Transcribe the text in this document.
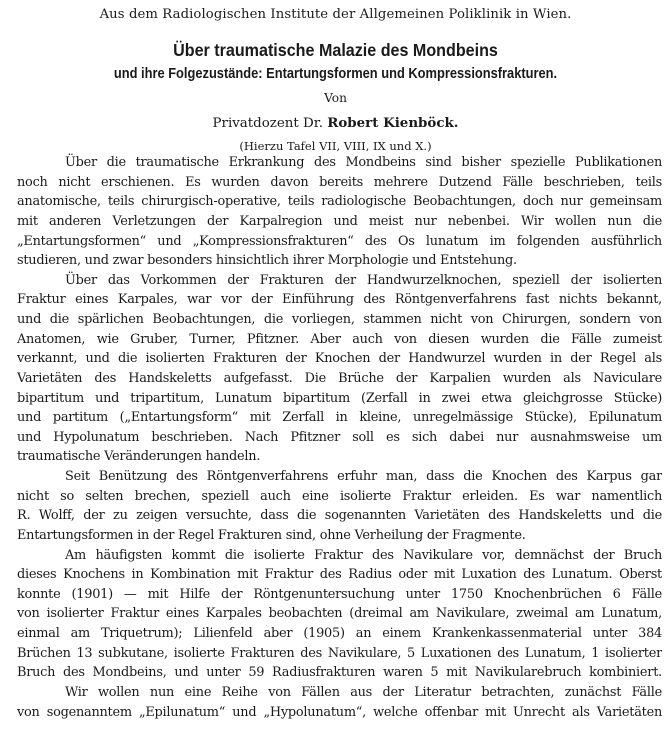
Aus dem Radiologischen Institute der Allgemeinen Poliklinik in Wien.
Über traumatische Malazie des Mondbeins
und ihre Folgezustände: Entartungsformen und Kompressionsfrakturen.
Von
Privatdozent Dr. Robert Kienböck.
(Hierzu Tafel VII, VIII, IX und X.)
Über die traumatische Erkrankung des Mondbeins sind bisher spezielle Publikationen
noch nicht erschienen. Es wurden davon bereits mehrere Dutzend Fälle beschrieben, teils
anatomische, teils chirurgisch-operative, teils radiologische Beobachtungen, doch nur gemeinsam
mit anderen Verletzungen der Karpalregion und meist nur nebenbei. Wir wollen nun die
„Entartungsformen“ und „Kompressionsfrakturen“ des Os lunatum im folgenden ausführlich
studieren, und zwar besonders hinsichtlich ihrer Morphologie und Entstehung.
Über das Vorkommen der Frakturen der Handwurzelknochen, speziell der isolierten
Fraktur eines Karpales, war vor der Einführung des Röntgenverfahrens fast nichts bekannt,
und die spärlichen Beobachtungen, die vorliegen, stammen nicht von Chirurgen, sondern von
Anatomen, wie Gruber, Turner, Pfitzner. Aber auch von diesen wurden die Fälle zumeist
verkannt, und die isolierten Frakturen der Knochen der Handwurzel wurden in der Regel als
Varietäten des Handskeletts aufgefasst. Die Brüche der Karpalien wurden als Naviculare
bipartitum und tripartitum, Lunatum bipartitum (Zerfall in zwei etwa gleichgrosse Stücke)
und partitum („Entartungsform“ mit Zerfall in kleine, unregelmässige Stücke), Epilunatum
und Hypolunatum beschrieben. Nach Pfitzner soll es sich dabei nur ausnahmsweise um
traumatische Veränderungen handeln.
Seit Benützung des Röntgenverfahrens erfuhr man, dass die Knochen des Karpus gar
nicht so selten brechen, speziell auch eine isolierte Fraktur erleiden. Es war namentlich
R. Wolff, der zu zeigen versuchte, dass die sogenannten Varietäten des Handskeletts und die
Entartungsformen in der Regel Frakturen sind, ohne Verheilung der Fragmente.
Am häufigsten kommt die isolierte Fraktur des Navikulare vor, demnächst der Bruch
dieses Knochens in Kombination mit Fraktur des Radius oder mit Luxation des Lunatum. Oberst
konnte (1901) — mit Hilfe der Röntgenuntersuchung unter 1750 Knochenbrüchen 6 Fälle
von isolierter Fraktur eines Karpales beobachten (dreimal am Navikulare, zweimal am Lunatum,
einmal am Triquetrum); Lilienfeld aber (1905) an einem Krankenkassenmaterial unter 384
Brüchen 13 subkutane, isolierte Frakturen des Navikulare, 5 Luxationen des Lunatum, 1 isolierter
Bruch des Mondbeins, und unter 59 Radiusfrakturen waren 5 mit Navikularebruch kombiniert.
Wir wollen nun eine Reihe von Fällen aus der Literatur betrachten, zunächst Fälle
von sogenanntem „Epilunatum“ und „Hypolunatum“, welche offenbar mit Unrecht als Varietäten
